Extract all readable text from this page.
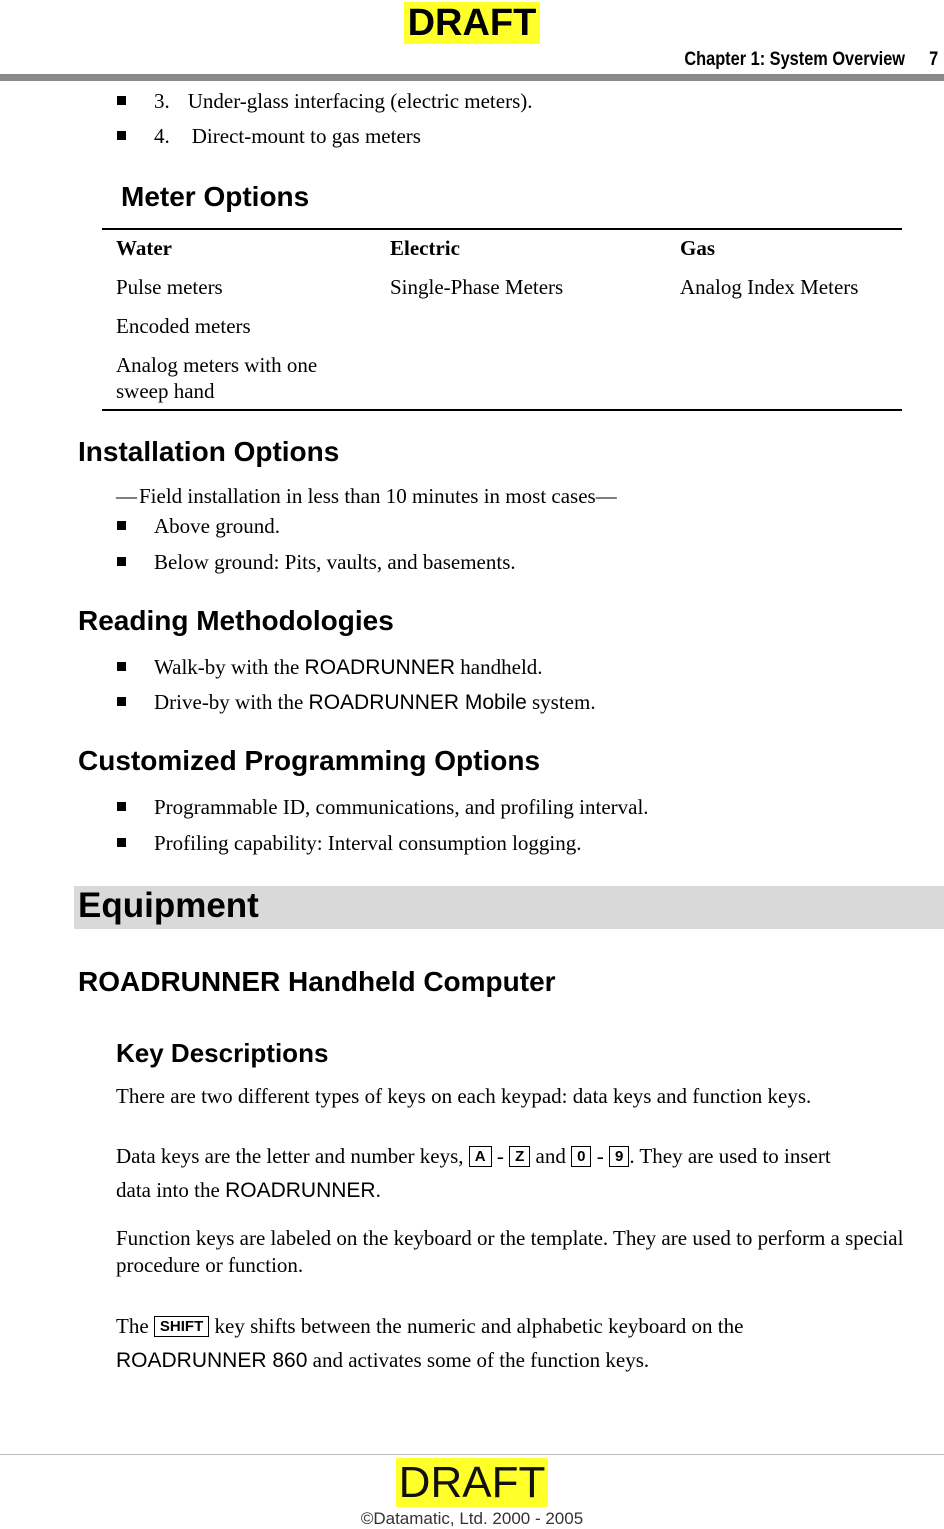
DRAFT
Chapter 1: System Overview 7
3. Under-glass interfacing (electric meters).
4. Direct-mount to gas meters
Meter Options
Water	Electric	Gas
Pulse meters	Single-Phase Meters	Analog Index Meters
Encoded meters
Analog meters with one
sweep hand
Installation Options
—Field installation in less than 10 minutes in most cases—
Above ground.
Below ground: Pits, vaults, and basements.
Reading Methodologies
Walk-by with the ROADRUNNER handheld.
Drive-by with the ROADRUNNER Mobile system.
Customized Programming Options
Programmable ID, communications, and profiling interval.
Profiling capability: Interval consumption logging.
Equipment
ROADRUNNER Handheld Computer
Key Descriptions
There are two different types of keys on each keypad: data keys and function keys.
Data keys are the letter and number keys, A - Z and 0 - 9 . They are used to insert
data into the ROADRUNNER.
Function keys are labeled on the keyboard or the template. They are used to perform a special procedure or function.
The SHIFT key shifts between the numeric and alphabetic keyboard on the
ROADRUNNER 860 and activates some of the function keys.
DRAFT
©Datamatic, Ltd. 2000 - 2005
